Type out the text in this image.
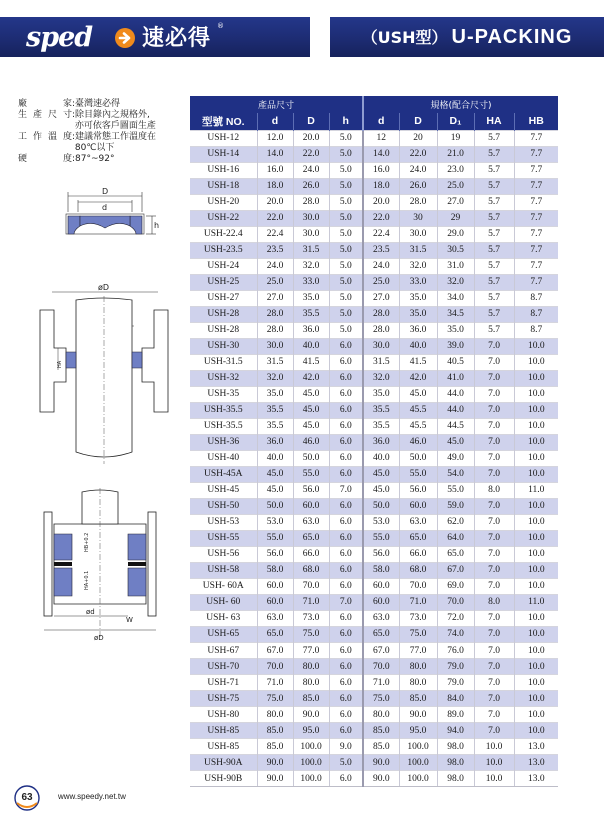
sped 速必得 ®
（USH型） U-PACKING
廠　　家 : 臺灣速必得
生產尺寸 : 除目錄內之規格外,

亦可依客戶圖面生產
工作溫度 : 建議常態工作溫度在

80℃以下
硬　　度 : 87°~92°
D
d
h
øD
HA
HB+0.2
HA+0.1
ød
øD
W
產品尺寸				規格(配合尺寸)				
型號 NO.	d	D	h	d	D	D₁	HA	HB
USH-12	12.0	20.0	5.0	12	20	19	5.7	7.7
USH-14	14.0	22.0	5.0	14.0	22.0	21.0	5.7	7.7
USH-16	16.0	24.0	5.0	16.0	24.0	23.0	5.7	7.7
USH-18	18.0	26.0	5.0	18.0	26.0	25.0	5.7	7.7
USH-20	20.0	28.0	5.0	20.0	28.0	27.0	5.7	7.7
USH-22	22.0	30.0	5.0	22.0	30	29	5.7	7.7
USH-22.4	22.4	30.0	5.0	22.4	30.0	29.0	5.7	7.7
USH-23.5	23.5	31.5	5.0	23.5	31.5	30.5	5.7	7.7
USH-24	24.0	32.0	5.0	24.0	32.0	31.0	5.7	7.7
USH-25	25.0	33.0	5.0	25.0	33.0	32.0	5.7	7.7
USH-27	27.0	35.0	5.0	27.0	35.0	34.0	5.7	8.7
USH-28	28.0	35.5	5.0	28.0	35.0	34.5	5.7	8.7
USH-28	28.0	36.0	5.0	28.0	36.0	35.0	5.7	8.7
USH-30	30.0	40.0	6.0	30.0	40.0	39.0	7.0	10.0
USH-31.5	31.5	41.5	6.0	31.5	41.5	40.5	7.0	10.0
USH-32	32.0	42.0	6.0	32.0	42.0	41.0	7.0	10.0
USH-35	35.0	45.0	6.0	35.0	45.0	44.0	7.0	10.0
USH-35.5	35.5	45.0	6.0	35.5	45.5	44.0	7.0	10.0
USH-35.5	35.5	45.0	6.0	35.5	45.5	44.5	7.0	10.0
USH-36	36.0	46.0	6.0	36.0	46.0	45.0	7.0	10.0
USH-40	40.0	50.0	6.0	40.0	50.0	49.0	7.0	10.0
USH-45A	45.0	55.0	6.0	45.0	55.0	54.0	7.0	10.0
USH-45	45.0	56.0	7.0	45.0	56.0	55.0	8.0	11.0
USH-50	50.0	60.0	6.0	50.0	60.0	59.0	7.0	10.0
USH-53	53.0	63.0	6.0	53.0	63.0	62.0	7.0	10.0
USH-55	55.0	65.0	6.0	55.0	65.0	64.0	7.0	10.0
USH-56	56.0	66.0	6.0	56.0	66.0	65.0	7.0	10.0
USH-58	58.0	68.0	6.0	58.0	68.0	67.0	7.0	10.0
USH- 60A	60.0	70.0	6.0	60.0	70.0	69.0	7.0	10.0
USH- 60	60.0	71.0	7.0	60.0	71.0	70.0	8.0	11.0
USH- 63	63.0	73.0	6.0	63.0	73.0	72.0	7.0	10.0
USH-65	65.0	75.0	6.0	65.0	75.0	74.0	7.0	10.0
USH-67	67.0	77.0	6.0	67.0	77.0	76.0	7.0	10.0
USH-70	70.0	80.0	6.0	70.0	80.0	79.0	7.0	10.0
USH-71	71.0	80.0	6.0	71.0	80.0	79.0	7.0	10.0
USH-75	75.0	85.0	6.0	75.0	85.0	84.0	7.0	10.0
USH-80	80.0	90.0	6.0	80.0	90.0	89.0	7.0	10.0
USH-85	85.0	95.0	6.0	85.0	95.0	94.0	7.0	10.0
USH-85	85.0	100.0	9.0	85.0	100.0	98.0	10.0	13.0
USH-90A	90.0	100.0	5.0	90.0	100.0	98.0	10.0	13.0
USH-90B	90.0	100.0	6.0	90.0	100.0	98.0	10.0	13.0
63	www.speedy.net.tw
